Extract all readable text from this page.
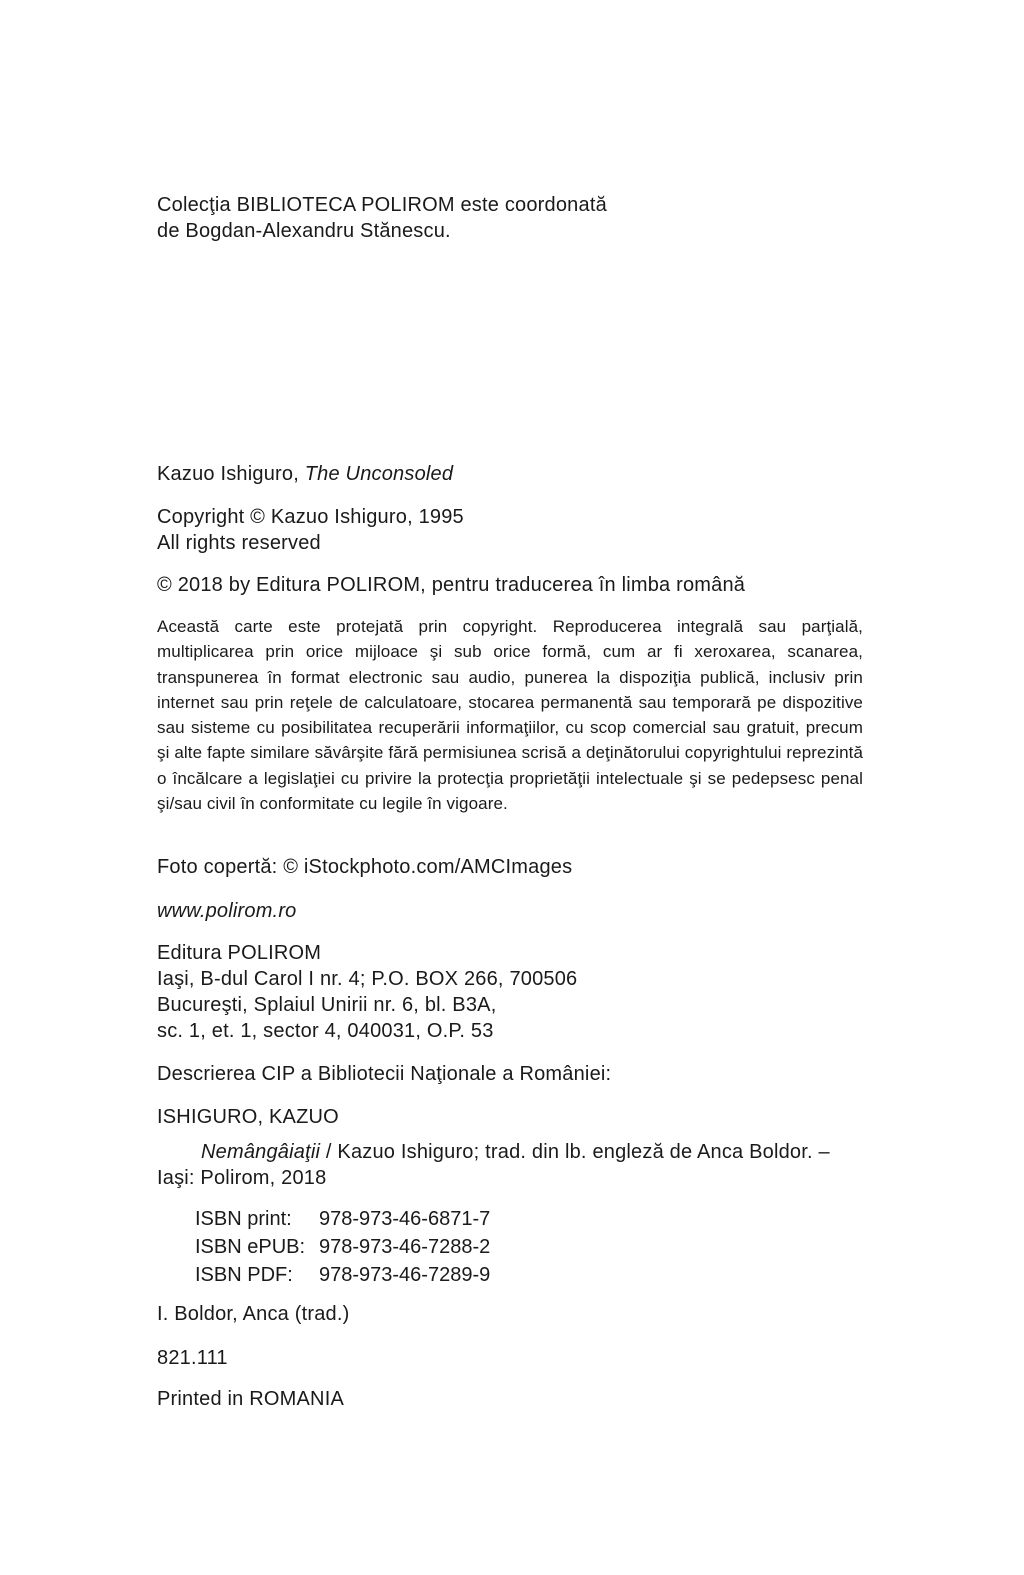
Colecţia BIBLIOTECA POLIROM este coordonată
de Bogdan-Alexandru Stănescu.
Kazuo Ishiguro, The Unconsoled
Copyright © Kazuo Ishiguro, 1995
All rights reserved
© 2018 by Editura POLIROM, pentru traducerea în limba română
Această carte este protejată prin copyright. Reproducerea integrală sau parţială, multiplicarea prin orice mijloace şi sub orice formă, cum ar fi xeroxarea, scanarea, transpunerea în format electronic sau audio, punerea la dispoziţia publică, inclusiv prin internet sau prin reţele de calculatoare, stocarea permanentă sau temporară pe dispozitive sau sisteme cu posibilitatea recuperării informaţiilor, cu scop comercial sau gratuit, precum şi alte fapte similare săvârşite fără permisiunea scrisă a deţinătorului copyrightului reprezintă o încălcare a legislaţiei cu privire la protecţia proprietăţii intelectuale şi se pedepsesc penal şi/sau civil în conformitate cu legile în vigoare.
Foto copertă: © iStockphoto.com/AMCImages
www.polirom.ro
Editura POLIROM
Iaşi, B-dul Carol I nr. 4; P.O. BOX 266, 700506
Bucureşti, Splaiul Unirii nr. 6, bl. B3A,
sc. 1, et. 1, sector 4, 040031, O.P. 53
Descrierea CIP a Bibliotecii Naţionale a României:
ISHIGURO, KAZUO
Nemângâiaţii / Kazuo Ishiguro; trad. din lb. engleză de Anca Boldor. –
Iaşi: Polirom, 2018
ISBN print: 978-973-46-6871-7
ISBN ePUB: 978-973-46-7288-2
ISBN PDF: 978-973-46-7289-9
I. Boldor, Anca (trad.)
821.111
Printed in ROMANIA
